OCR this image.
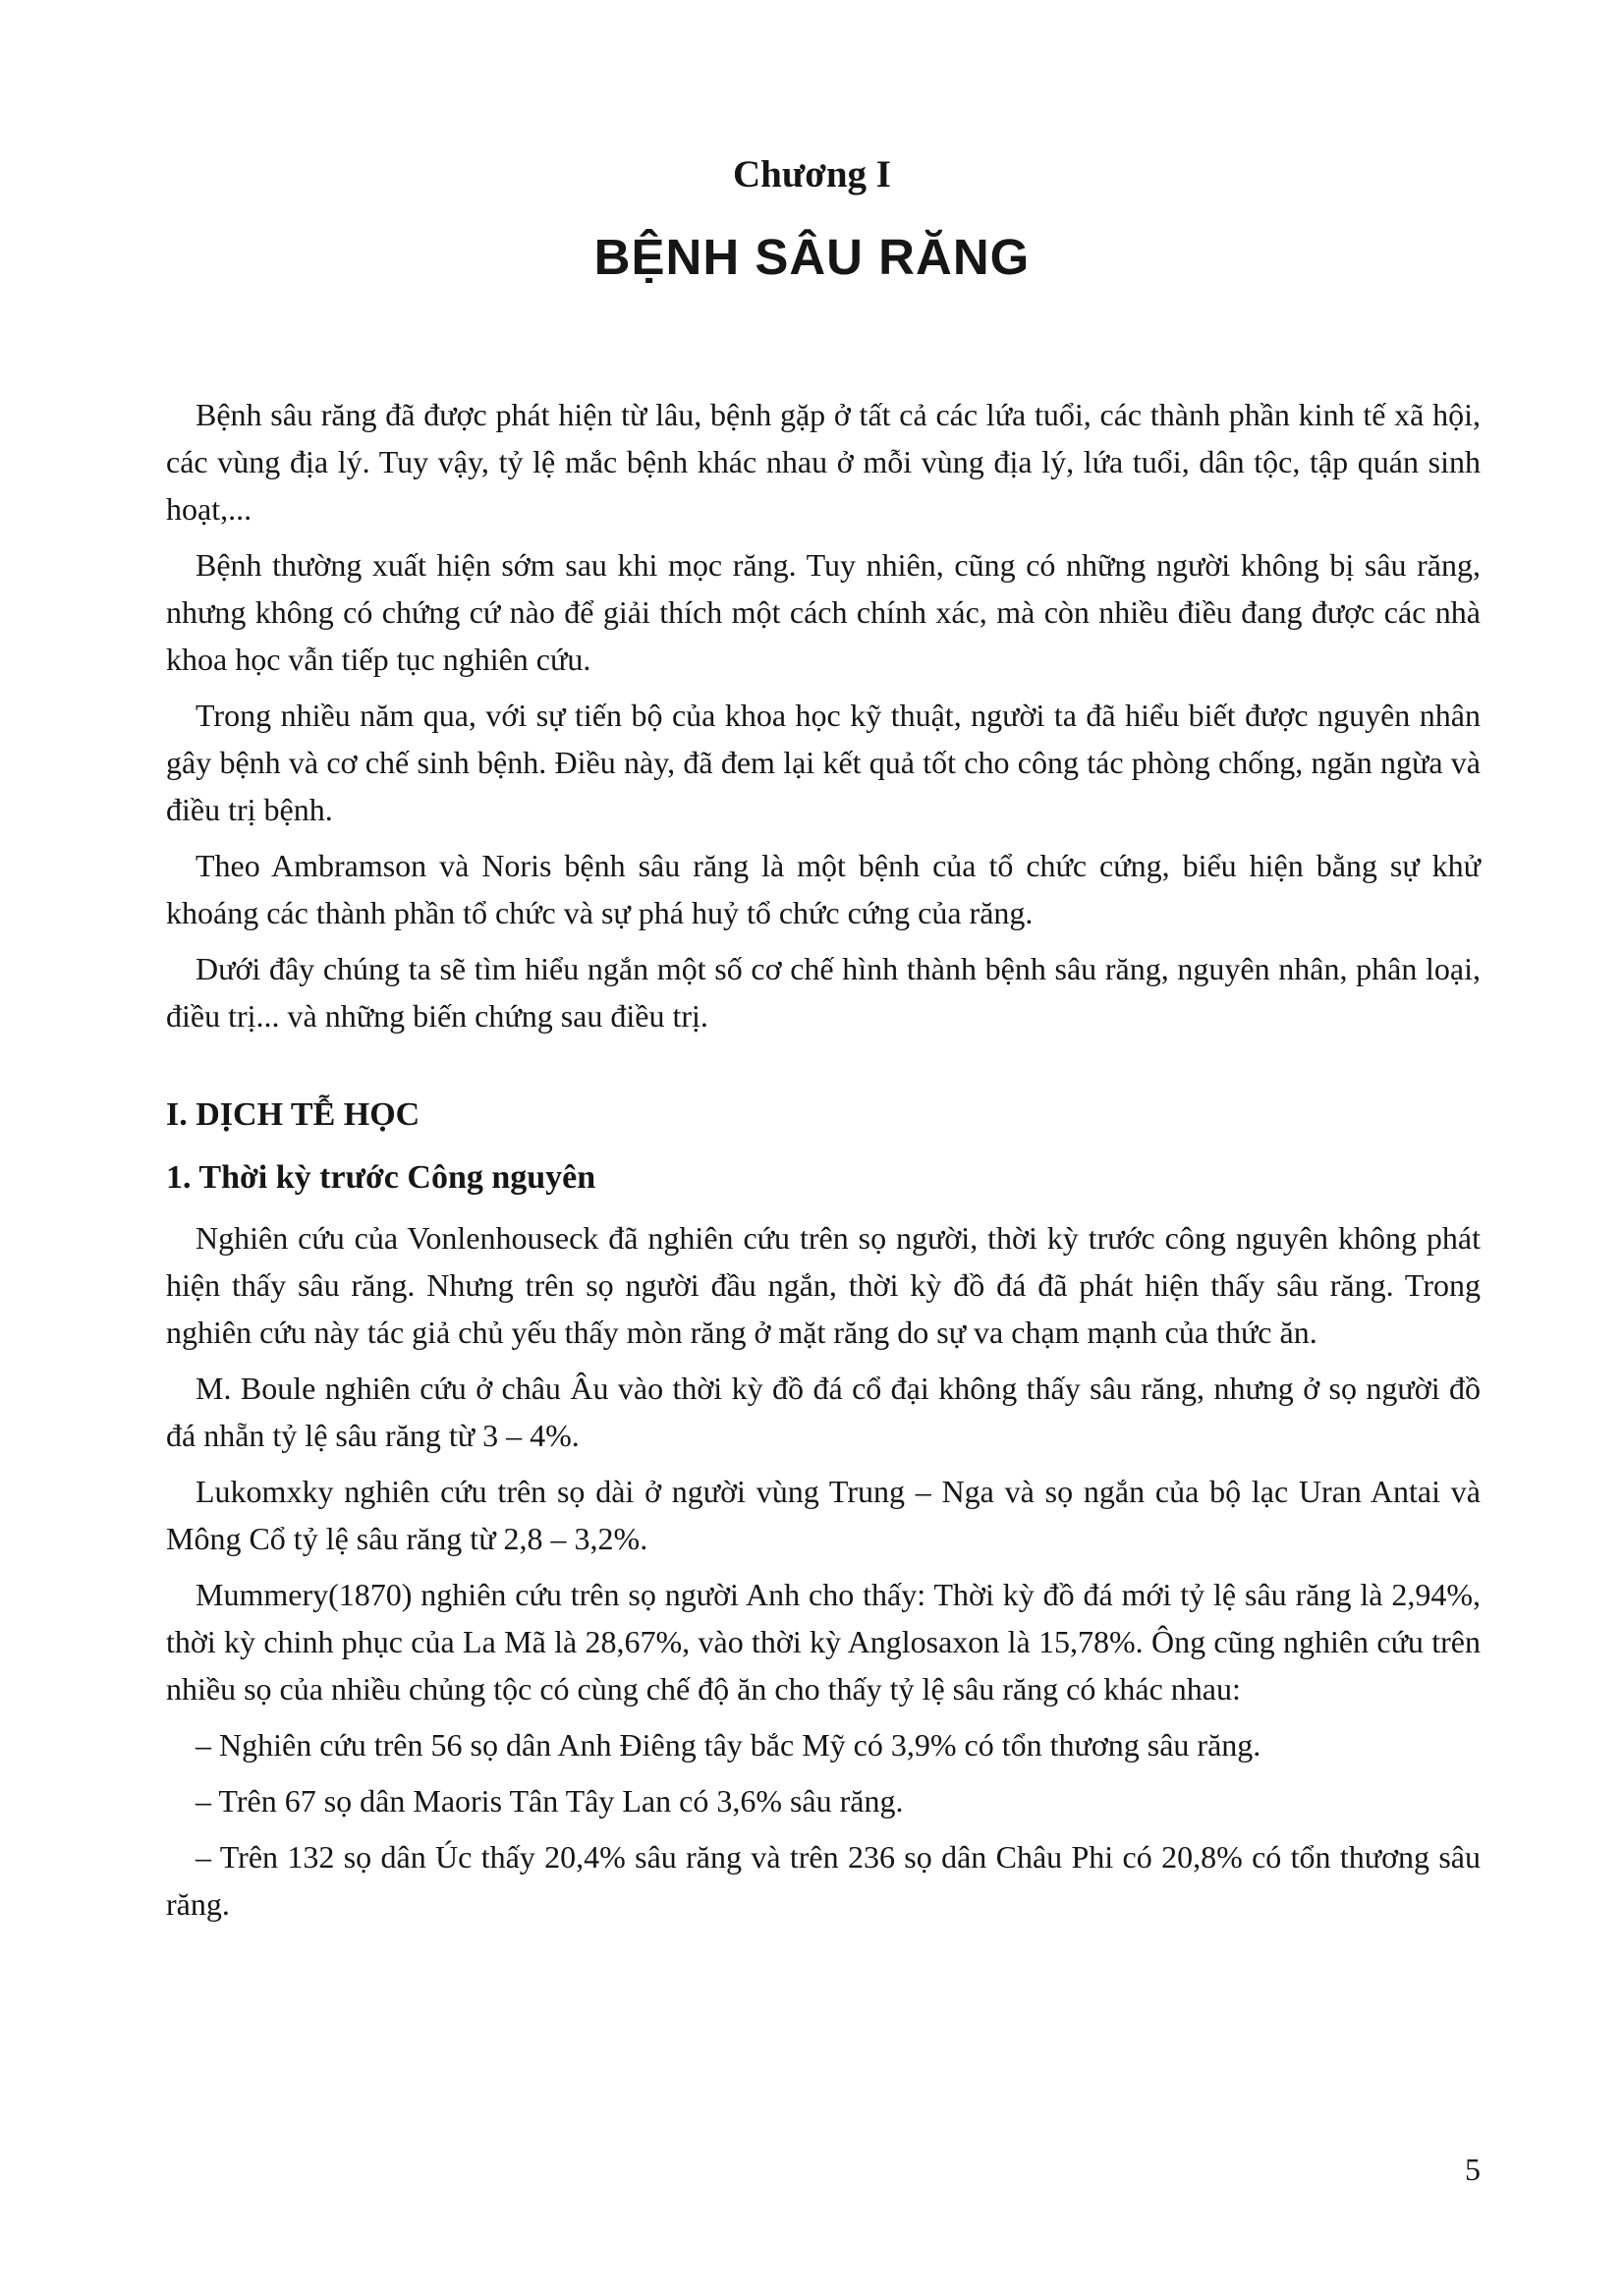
Chương I
BỆNH SÂU RĂNG

Bệnh sâu răng đã được phát hiện từ lâu, bệnh gặp ở tất cả các lứa tuổi, các thành phần kinh tế xã hội, các vùng địa lý. Tuy vậy, tỷ lệ mắc bệnh khác nhau ở mỗi vùng địa lý, lứa tuổi, dân tộc, tập quán sinh hoạt,...

Bệnh thường xuất hiện sớm sau khi mọc răng. Tuy nhiên, cũng có những người không bị sâu răng, nhưng không có chứng cứ nào để giải thích một cách chính xác, mà còn nhiều điều đang được các nhà khoa học vẫn tiếp tục nghiên cứu.

Trong nhiều năm qua, với sự tiến bộ của khoa học kỹ thuật, người ta đã hiểu biết được nguyên nhân gây bệnh và cơ chế sinh bệnh. Điều này, đã đem lại kết quả tốt cho công tác phòng chống, ngăn ngừa và điều trị bệnh.

Theo Ambramson và Noris bệnh sâu răng là một bệnh của tổ chức cứng, biểu hiện bằng sự khử khoáng các thành phần tổ chức và sự phá huỷ tổ chức cứng của răng.

Dưới đây chúng ta sẽ tìm hiểu ngắn một số cơ chế hình thành bệnh sâu răng, nguyên nhân, phân loại, điều trị... và những biến chứng sau điều trị.

I. DỊCH TỄ HỌC
1. Thời kỳ trước Công nguyên

Nghiên cứu của Vonlenhouseck đã nghiên cứu trên sọ người, thời kỳ trước công nguyên không phát hiện thấy sâu răng. Nhưng trên sọ người đầu ngắn, thời kỳ đồ đá đã phát hiện thấy sâu răng. Trong nghiên cứu này tác giả chủ yếu thấy mòn răng ở mặt răng do sự va chạm mạnh của thức ăn.

M. Boule nghiên cứu ở châu Âu vào thời kỳ đồ đá cổ đại không thấy sâu răng, nhưng ở sọ người đồ đá nhẵn tỷ lệ sâu răng từ 3 – 4%.

Lukomxky nghiên cứu trên sọ dài ở người vùng Trung – Nga và sọ ngắn của bộ lạc Uran Antai và Mông Cổ tỷ lệ sâu răng từ 2,8 – 3,2%.

Mummery(1870) nghiên cứu trên sọ người Anh cho thấy: Thời kỳ đồ đá mới tỷ lệ sâu răng là 2,94%, thời kỳ chinh phục của La Mã là 28,67%, vào thời kỳ Anglosaxon là 15,78%. Ông cũng nghiên cứu trên nhiều sọ của nhiều chủng tộc có cùng chế độ ăn cho thấy tỷ lệ sâu răng có khác nhau:

– Nghiên cứu trên 56 sọ dân Anh Điêng tây bắc Mỹ có 3,9% có tổn thương sâu răng.

– Trên 67 sọ dân Maoris Tân Tây Lan có 3,6% sâu răng.

– Trên 132 sọ dân Úc thấy 20,4% sâu răng và trên 236 sọ dân Châu Phi có 20,8% có tổn thương sâu răng.

5
